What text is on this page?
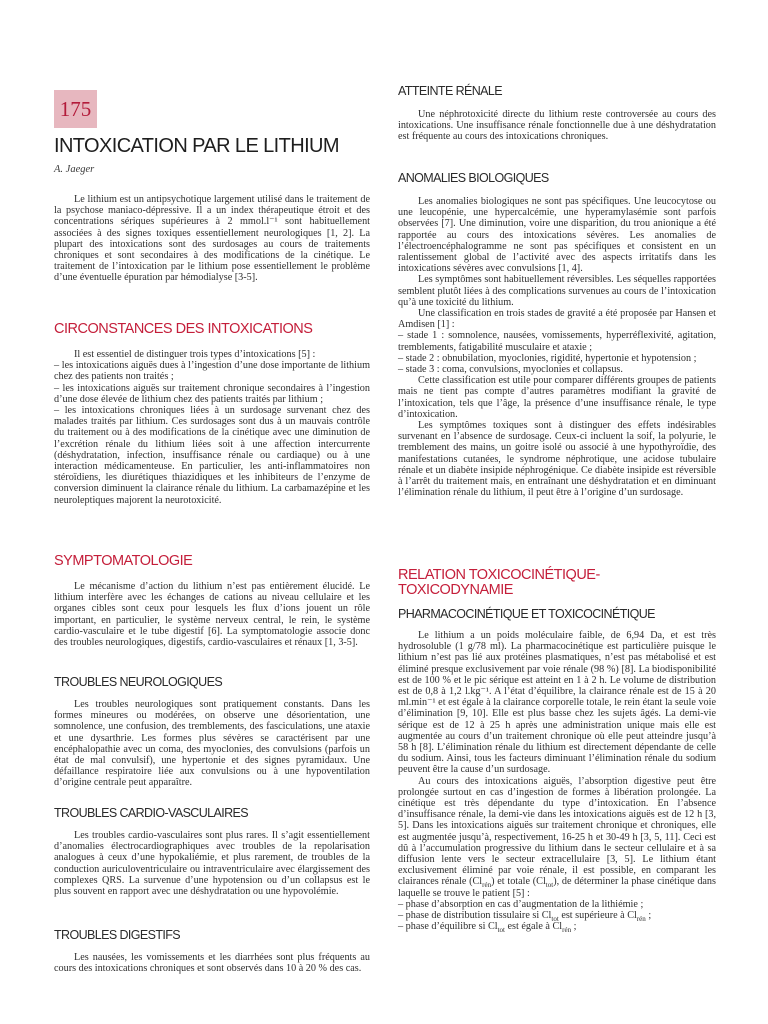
175
INTOXICATION PAR LE LITHIUM
A. Jaeger

Le lithium est un antipsychotique largement utilisé dans le traitement de la psychose maniaco-dépressive. Il a un index thérapeutique étroit et des concentrations sériques supérieures à 2 mmol.l⁻¹ sont habituellement associées à des signes toxiques essentiellement neurologiques [1, 2]. La plupart des intoxications sont des surdosages au cours de traitements chroniques et sont secondaires à des modifications de la cinétique. Le traitement de l’intoxication par le lithium pose essentiellement le problème d’une éventuelle épuration par hémodialyse [3-5].

CIRCONSTANCES DES INTOXICATIONS

Il est essentiel de distinguer trois types d’intoxications [5] :

– les intoxications aiguës dues à l’ingestion d’une dose importante de lithium chez des patients non traités ;

– les intoxications aiguës sur traitement chronique secondaires à l’ingestion d’une dose élevée de lithium chez des patients traités par lithium ;

– les intoxications chroniques liées à un surdosage survenant chez des malades traités par lithium. Ces surdosages sont dus à un mauvais contrôle du traitement ou à des modifications de la cinétique avec une diminution de l’excrétion rénale du lithium liées soit à une affection intercurrente (déshydratation, infection, insuffisance rénale ou cardiaque) ou à une interaction médicamenteuse. En particulier, les anti-inflammatoires non stéroïdiens, les diurétiques thiazidiques et les inhibiteurs de l’enzyme de conversion diminuent la clairance rénale du lithium. La carbamazépine et les neuroleptiques majorent la neurotoxicité.

SYMPTOMATOLOGIE

Le mécanisme d’action du lithium n’est pas entièrement élucidé. Le lithium interfère avec les échanges de cations au niveau cellulaire et les organes cibles sont ceux pour lesquels les flux d’ions jouent un rôle important, en particulier, le système nerveux central, le rein, le système cardio-vasculaire et le tube digestif [6]. La symptomatologie associe donc des troubles neurologiques, digestifs, cardio-vasculaires et rénaux [1, 3-5].

TROUBLES NEUROLOGIQUES

Les troubles neurologiques sont pratiquement constants. Dans les formes mineures ou modérées, on observe une désorientation, une somnolence, une confusion, des tremblements, des fasciculations, une ataxie et une dysarthrie. Les formes plus sévères se caractérisent par une encéphalopathie avec un coma, des myoclonies, des convulsions (parfois un état de mal convulsif), une hypertonie et des signes pyramidaux. Une défaillance respiratoire liée aux convulsions ou à une hypoventilation d’origine centrale peut apparaître.

TROUBLES CARDIO-VASCULAIRES

Les troubles cardio-vasculaires sont plus rares. Il s’agit essentiellement d’anomalies électrocardiographiques avec troubles de la repolarisation analogues à ceux d’une hypokaliémie, et plus rarement, de troubles de la conduction auriculoventriculaire ou intraventriculaire avec élargissement des complexes QRS. La survenue d’une hypotension ou d’un collapsus est le plus souvent en rapport avec une déshydratation ou une hypovolémie.

TROUBLES DIGESTIFS

Les nausées, les vomissements et les diarrhées sont plus fréquents au cours des intoxications chroniques et sont observés dans 10 à 20 % des cas.

ATTEINTE RÉNALE

Une néphrotoxicité directe du lithium reste controversée au cours des intoxications. Une insuffisance rénale fonctionnelle due à une déshydratation est fréquente au cours des intoxications chroniques.

ANOMALIES BIOLOGIQUES

Les anomalies biologiques ne sont pas spécifiques. Une leucocytose ou une leucopénie, une hypercalcémie, une hyperamylasémie sont parfois observées [7]. Une diminution, voire une disparition, du trou anionique a été rapportée au cours des intoxications sévères. Les anomalies de l’électroencéphalogramme ne sont pas spécifiques et consistent en un ralentissement global de l’activité avec des aspects irritatifs dans les intoxications sévères avec convulsions [1, 4].

Les symptômes sont habituellement réversibles. Les séquelles rapportées semblent plutôt liées à des complications survenues au cours de l’intoxication qu’à une toxicité du lithium.

Une classification en trois stades de gravité a été proposée par Hansen et Amdisen [1] :

– stade 1 : somnolence, nausées, vomissements, hyperréflexivité, agitation, tremblements, fatigabilité musculaire et ataxie ;

– stade 2 : obnubilation, myoclonies, rigidité, hypertonie et hypotension ;

– stade 3 : coma, convulsions, myoclonies et collapsus.

Cette classification est utile pour comparer différents groupes de patients mais ne tient pas compte d’autres paramètres modifiant la gravité de l’intoxication, tels que l’âge, la présence d’une insuffisance rénale, le type d’intoxication.

Les symptômes toxiques sont à distinguer des effets indésirables survenant en l’absence de surdosage. Ceux-ci incluent la soif, la polyurie, le tremblement des mains, un goitre isolé ou associé à une hypothyroïdie, des manifestations cutanées, le syndrome néphrotique, une acidose tubulaire rénale et un diabète insipide néphrogénique. Ce diabète insipide est réversible à l’arrêt du traitement mais, en entraînant une déshydratation et en diminuant l’élimination rénale du lithium, il peut être à l’origine d’un surdosage.

RELATION TOXICOCINÉTIQUE-
TOXICODYNAMIE
PHARMACOCINÉTIQUE ET TOXICOCINÉTIQUE

Le lithium a un poids moléculaire faible, de 6,94 Da, et est très hydrosoluble (1 g/78 ml). La pharmacocinétique est particulière puisque le lithium n’est pas lié aux protéines plasmatiques, n’est pas métabolisé et est éliminé presque exclusivement par voie rénale (98 %) [8]. La biodisponibilité est de 100 % et le pic sérique est atteint en 1 à 2 h. Le volume de distribution est de 0,8 à 1,2 l.kg⁻¹. A l’état d’équilibre, la clairance rénale est de 15 à 20 ml.min⁻¹ et est égale à la clairance corporelle totale, le rein étant la seule voie d’élimination [9, 10]. Elle est plus basse chez les sujets âgés. La demi-vie sérique est de 12 à 25 h après une administration unique mais elle est augmentée au cours d’un traitement chronique où elle peut atteindre jusqu’à 58 h [8]. L’élimination rénale du lithium est directement dépendante de celle du sodium. Ainsi, tous les facteurs diminuant l’élimination rénale du sodium peuvent être la cause d’un surdosage.

Au cours des intoxications aiguës, l’absorption digestive peut être prolongée surtout en cas d’ingestion de formes à libération prolongée. La cinétique est très dépendante du type d’intoxication. En l’absence d’insuffisance rénale, la demi-vie dans les intoxications aiguës est de 12 h [3, 5]. Dans les intoxications aiguës sur traitement chronique et chroniques, elle est augmentée jusqu’à, respectivement, 16-25 h et 30-49 h [3, 5, 11]. Ceci est dû à l’accumulation progressive du lithium dans le secteur cellulaire et à sa diffusion lente vers le secteur extracellulaire [3, 5]. Le lithium étant exclusivement éliminé par voie rénale, il est possible, en comparant les clairances rénale $(Cl_{rén})$ et totale $(Cl_{tot})$, de déterminer la phase cinétique dans laquelle se trouve le patient [5] :

– phase d’absorption en cas d’augmentation de la lithiémie ;

– phase de distribution tissulaire si $Cl_{tot}$ est supérieure à $Cl_{rén}$ ;

– phase d’équilibre si $Cl_{tot}$ est égale à $Cl_{rén}$ ;
